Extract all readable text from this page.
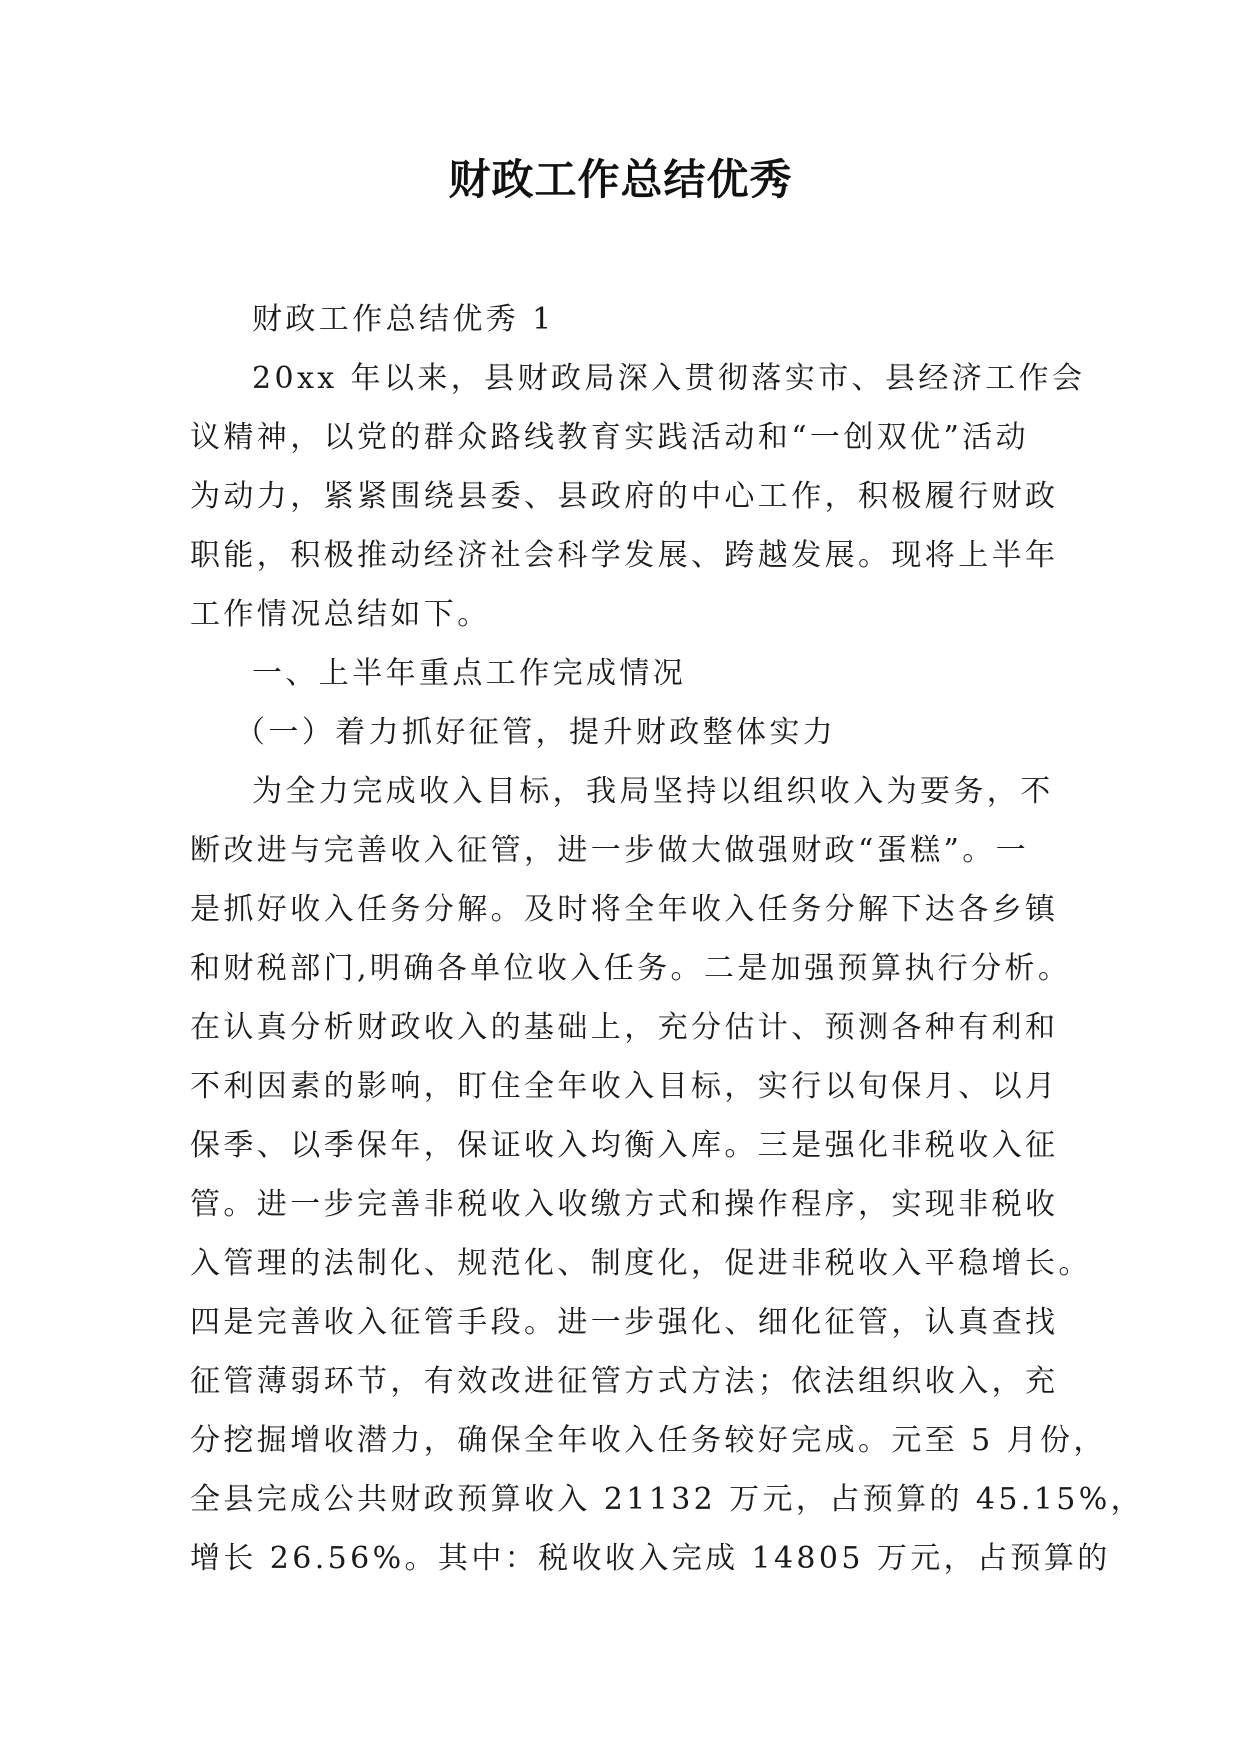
财政工作总结优秀
财政工作总结优秀 1
20xx 年以来，县财政局深入贯彻落实市、县经济工作会
议精神，以党的群众路线教育实践活动和“一创双优”活动
为动力，紧紧围绕县委、县政府的中心工作，积极履行财政
职能，积极推动经济社会科学发展、跨越发展。现将上半年
工作情况总结如下。
一、上半年重点工作完成情况
（一）着力抓好征管，提升财政整体实力
为全力完成收入目标，我局坚持以组织收入为要务，不
断改进与完善收入征管，进一步做大做强财政“蛋糕”。一
是抓好收入任务分解。及时将全年收入任务分解下达各乡镇
和财税部门,明确各单位收入任务。二是加强预算执行分析。
在认真分析财政收入的基础上，充分估计、预测各种有利和
不利因素的影响，盯住全年收入目标，实行以旬保月、以月
保季、以季保年，保证收入均衡入库。三是强化非税收入征
管。进一步完善非税收入收缴方式和操作程序，实现非税收
入管理的法制化、规范化、制度化，促进非税收入平稳增长。
四是完善收入征管手段。进一步强化、细化征管，认真查找
征管薄弱环节，有效改进征管方式方法；依法组织收入，充
分挖掘增收潜力，确保全年收入任务较好完成。元至 5 月份，
全县完成公共财政预算收入 21132 万元，占预算的 45.15%，
增长 26.56%。其中：税收收入完成 14805 万元，占预算的
